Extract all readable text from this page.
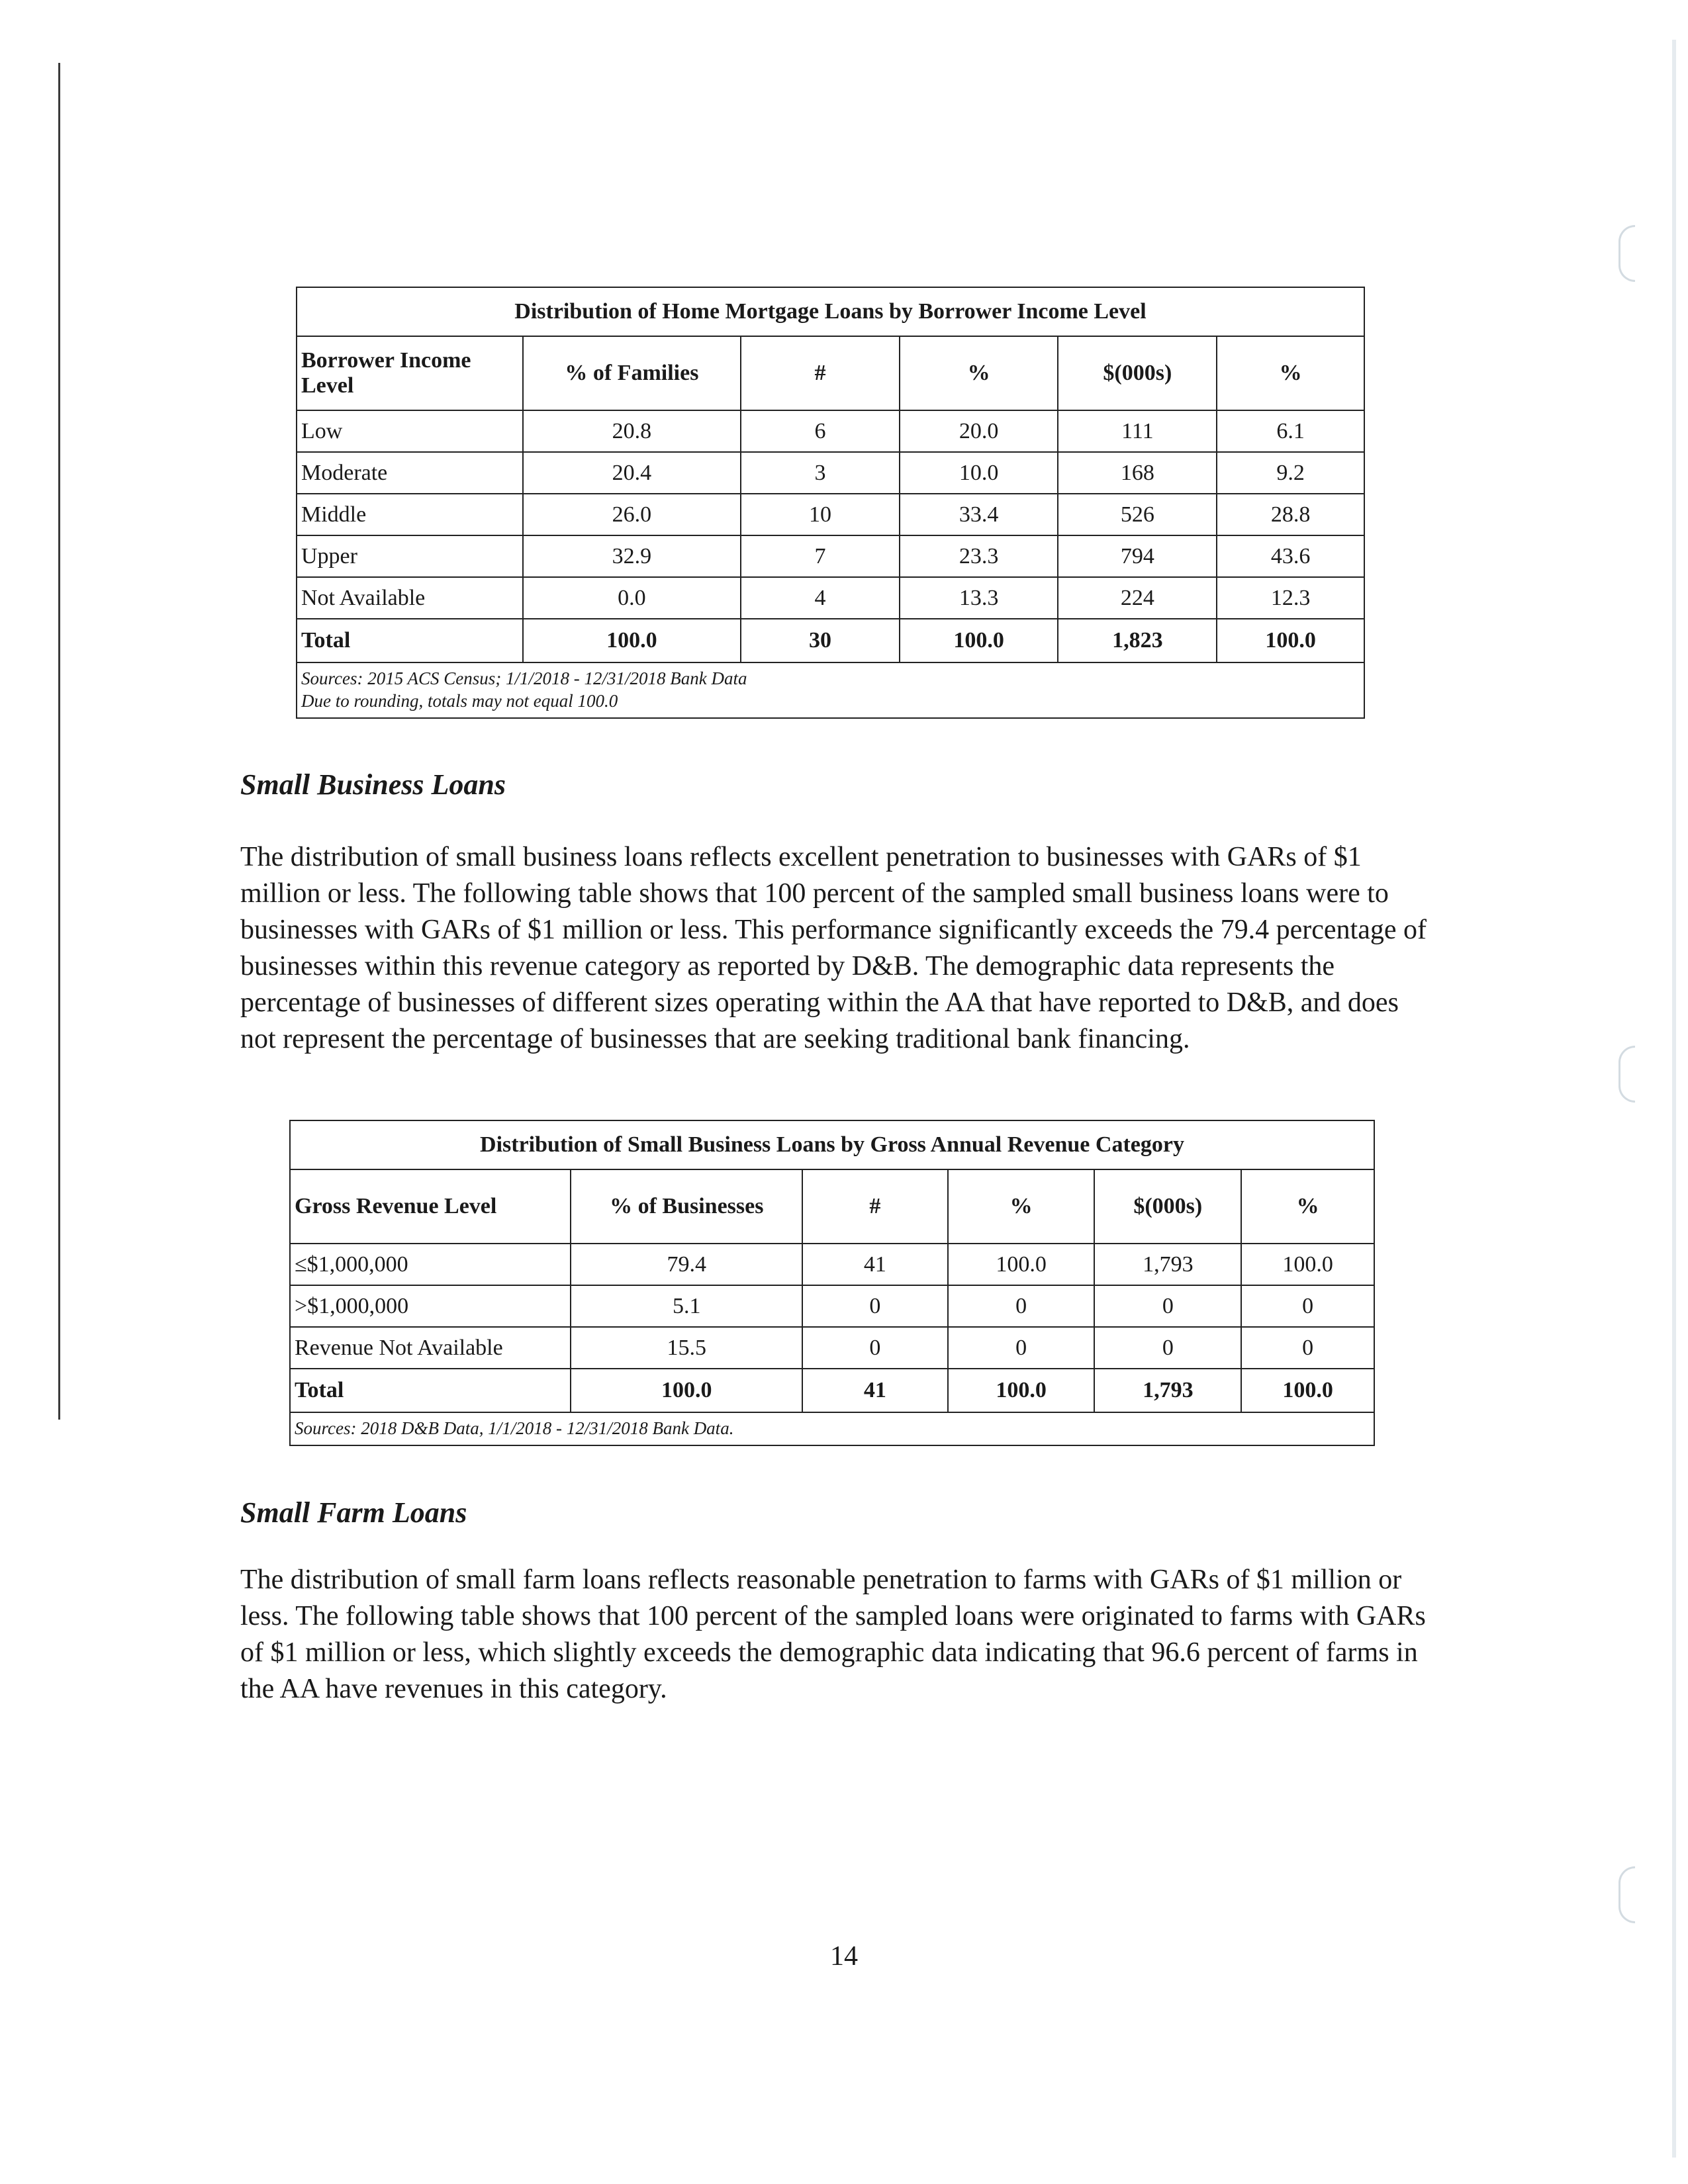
Distribution of Home Mortgage Loans by Borrower Income Level					
Borrower Income Level	% of Families	#	%	$(000s)	%
Low	20.8	6	20.0	111	6.1
Moderate	20.4	3	10.0	168	9.2
Middle	26.0	10	33.4	526	28.8
Upper	32.9	7	23.3	794	43.6
Not Available	0.0	4	13.3	224	12.3
Total	100.0	30	100.0	1,823	100.0

Sources: 2015 ACS Census; 1/1/2018 - 12/31/2018 Bank Data
Due to rounding, totals may not equal 100.0					
Small Business Loans

The distribution of small business loans reflects excellent penetration to businesses with GARs of $1 million or less. The following table shows that 100 percent of the sampled small business loans were to businesses with GARs of $1 million or less. This performance significantly exceeds the 79.4 percentage of businesses within this revenue category as reported by D&B. The demographic data represents the percentage of businesses of different sizes operating within the AA that have reported to D&B, and does not represent the percentage of businesses that are seeking traditional bank financing.

Distribution of Small Business Loans by Gross Annual Revenue Category					
Gross Revenue Level	% of Businesses	#	%	$(000s)	%
≤$1,000,000	79.4	41	100.0	1,793	100.0
>$1,000,000	5.1	0	0	0	0
Revenue Not Available	15.5	0	0	0	0
Total	100.0	41	100.0	1,793	100.0
Sources: 2018 D&B Data, 1/1/2018 - 12/31/2018 Bank Data.					
Small Farm Loans

The distribution of small farm loans reflects reasonable penetration to farms with GARs of $1 million or less. The following table shows that 100 percent of the sampled loans were originated to farms with GARs of $1 million or less, which slightly exceeds the demographic data indicating that 96.6 percent of farms in the AA have revenues in this category.

14
